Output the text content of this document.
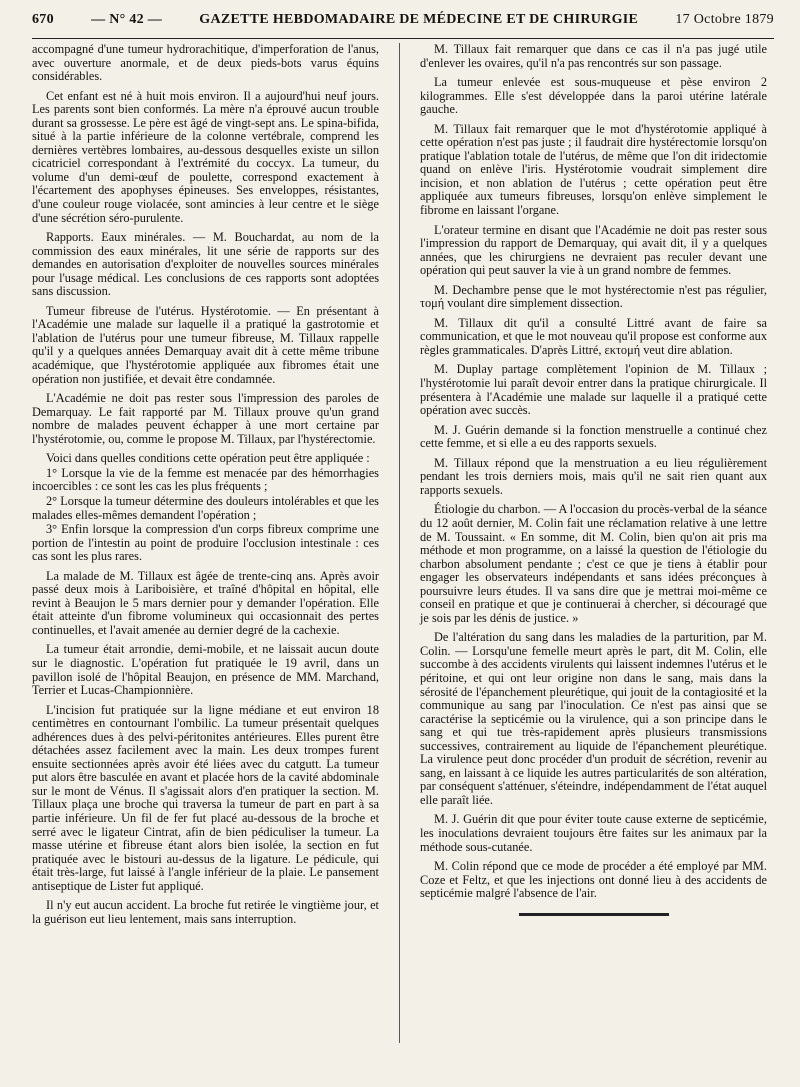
670	— N° 42 —	GAZETTE HEBDOMADAIRE DE MÉDECINE ET DE CHIRURGIE	17 Octobre 1879

accompagné d'une tumeur hydrorachitique, d'imperforation de l'anus, avec ouverture anormale, et de deux pieds-bots varus équins considérables.

Cet enfant est né à huit mois environ. Il a aujourd'hui neuf jours. Les parents sont bien conformés. La mère n'a éprouvé aucun trouble durant sa grossesse. Le père est âgé de vingt-sept ans. Le spina-bifida, situé à la partie inférieure de la colonne vertébrale, comprend les dernières vertèbres lombaires, au-dessous desquelles existe un sillon cicatriciel correspondant à l'extrémité du coccyx. La tumeur, du volume d'un demi-œuf de poulette, correspond exactement à l'écartement des apophyses épineuses. Ses enveloppes, résistantes, d'une couleur rouge violacée, sont amincies à leur centre et le siège d'une sécrétion séro-purulente.

Rapports. Eaux minérales. — M. Bouchardat, au nom de la commission des eaux minérales, lit une série de rapports sur des demandes en autorisation d'exploiter de nouvelles sources minérales pour l'usage médical. Les conclusions de ces rapports sont adoptées sans discussion.

Tumeur fibreuse de l'utérus. Hystérotomie. — En présentant à l'Académie une malade sur laquelle il a pratiqué la gastrotomie et l'ablation de l'utérus pour une tumeur fibreuse, M. Tillaux rappelle qu'il y a quelques années Demarquay avait dit à cette même tribune académique, que l'hystérotomie appliquée aux fibromes était une opération non justifiée, et devait être condamnée.

L'Académie ne doit pas rester sous l'impression des paroles de Demarquay. Le fait rapporté par M. Tillaux prouve qu'un grand nombre de malades peuvent échapper à une mort certaine par l'hystérotomie, ou, comme le propose M. Tillaux, par l'hystérectomie.

Voici dans quelles conditions cette opération peut être appliquée :

1° Lorsque la vie de la femme est menacée par des hémorrhagies incoercibles : ce sont les cas les plus fréquents ;

2° Lorsque la tumeur détermine des douleurs intolérables et que les malades elles-mêmes demandent l'opération ;

3° Enfin lorsque la compression d'un corps fibreux comprime une portion de l'intestin au point de produire l'occlusion intestinale : ces cas sont les plus rares.

La malade de M. Tillaux est âgée de trente-cinq ans. Après avoir passé deux mois à Lariboisière, et traîné d'hôpital en hôpital, elle revint à Beaujon le 5 mars dernier pour y demander l'opération. Elle était atteinte d'un fibrome volumineux qui occasionnait des pertes continuelles, et l'avait amenée au dernier degré de la cachexie.

La tumeur était arrondie, demi-mobile, et ne laissait aucun doute sur le diagnostic. L'opération fut pratiquée le 19 avril, dans un pavillon isolé de l'hôpital Beaujon, en présence de MM. Marchand, Terrier et Lucas-Championnière.

L'incision fut pratiquée sur la ligne médiane et eut environ 18 centimètres en contournant l'ombilic. La tumeur présentait quelques adhérences dues à des pelvi-péritonites antérieures. Elles purent être détachées assez facilement avec la main. Les deux trompes furent ensuite sectionnées après avoir été liées avec du catgutt. La tumeur put alors être basculée en avant et placée hors de la cavité abdominale sur le mont de Vénus. Il s'agissait alors d'en pratiquer la section. M. Tillaux plaça une broche qui traversa la tumeur de part en part à sa partie inférieure. Un fil de fer fut placé au-dessous de la broche et serré avec le ligateur Cintrat, afin de bien pédiculiser la tumeur. La masse utérine et fibreuse étant alors bien isolée, la section en fut pratiquée avec le bistouri au-dessus de la ligature. Le pédicule, qui était très-large, fut laissé à l'angle inférieur de la plaie. Le pansement antiseptique de Lister fut appliqué.

Il n'y eut aucun accident. La broche fut retirée le vingtième jour, et la guérison eut lieu lentement, mais sans interruption.

M. Tillaux fait remarquer que dans ce cas il n'a pas jugé utile d'enlever les ovaires, qu'il n'a pas rencontrés sur son passage.

La tumeur enlevée est sous-muqueuse et pèse environ 2 kilogrammes. Elle s'est développée dans la paroi utérine latérale gauche.

M. Tillaux fait remarquer que le mot d'hystérotomie appliqué à cette opération n'est pas juste ; il faudrait dire hystérectomie lorsqu'on pratique l'ablation totale de l'utérus, de même que l'on dit iridectomie quand on enlève l'iris. Hystérotomie voudrait simplement dire incision, et non ablation de l'utérus ; cette opération peut être appliquée aux tumeurs fibreuses, lorsqu'on enlève simplement le fibrome en laissant l'organe.

L'orateur termine en disant que l'Académie ne doit pas rester sous l'impression du rapport de Demarquay, qui avait dit, il y a quelques années, que les chirurgiens ne devraient pas reculer devant une opération qui peut sauver la vie à un grand nombre de femmes.

M. Dechambre pense que le mot hystérectomie n'est pas régulier, τομή voulant dire simplement dissection.

M. Tillaux dit qu'il a consulté Littré avant de faire sa communication, et que le mot nouveau qu'il propose est conforme aux règles grammaticales. D'après Littré, εκτομή veut dire ablation.

M. Duplay partage complètement l'opinion de M. Tillaux ; l'hystérotomie lui paraît devoir entrer dans la pratique chirurgicale. Il présentera à l'Académie une malade sur laquelle il a pratiqué cette opération avec succès.

M. J. Guérin demande si la fonction menstruelle a continué chez cette femme, et si elle a eu des rapports sexuels.

M. Tillaux répond que la menstruation a eu lieu régulièrement pendant les trois derniers mois, mais qu'il ne sait rien quant aux rapports sexuels.

Étiologie du charbon. — A l'occasion du procès-verbal de la séance du 12 août dernier, M. Colin fait une réclamation relative à une lettre de M. Toussaint. « En somme, dit M. Colin, bien qu'on ait pris ma méthode et mon programme, on a laissé la question de l'étiologie du charbon absolument pendante ; c'est ce que je tiens à établir pour engager les observateurs indépendants et sans idées préconçues à poursuivre leurs études. Il va sans dire que je mettrai moi-même ce conseil en pratique et que je continuerai à chercher, si découragé que je sois par les dénis de justice. »

De l'altération du sang dans les maladies de la parturition, par M. Colin. — Lorsqu'une femelle meurt après le part, dit M. Colin, elle succombe à des accidents virulents qui laissent indemnes l'utérus et le péritoine, et qui ont leur origine non dans le sang, mais dans la sérosité de l'épanchement pleurétique, qui jouit de la contagiosité et la communique au sang par l'inoculation. Ce n'est pas ainsi que se caractérise la septicémie ou la virulence, qui a son principe dans le sang et qui tue très-rapidement après plusieurs transmissions successives, contrairement au liquide de l'épanchement pleurétique. La virulence peut donc procéder d'un produit de sécrétion, revenir au sang, en laissant à ce liquide les autres particularités de son altération, par conséquent s'atténuer, s'éteindre, indépendamment de l'état auquel elle paraît liée.

M. J. Guérin dit que pour éviter toute cause externe de septicémie, les inoculations devraient toujours être faites sur les animaux par la méthode sous-cutanée.

M. Colin répond que ce mode de procéder a été employé par MM. Coze et Feltz, et que les injections ont donné lieu à des accidents de septicémie malgré l'absence de l'air.
